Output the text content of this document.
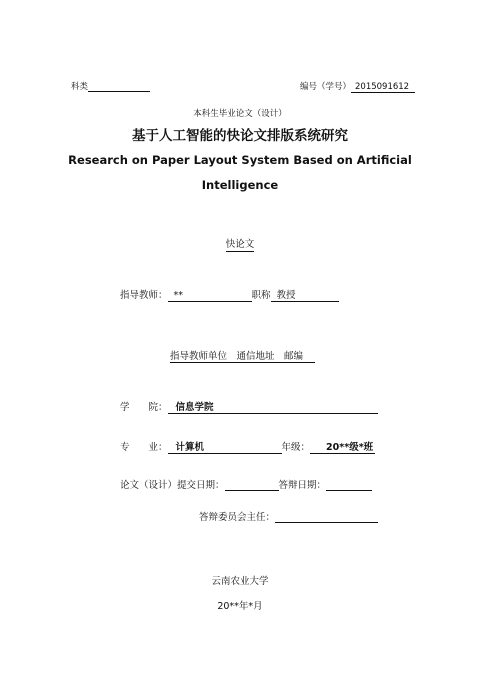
科类	编号（学号） 2015091612
本科生毕业论文（设计）
基于人工智能的快论文排版系统研究
Research on Paper Layout System Based on Artificial
Intelligence
快论文
指导教师： **	职称 教授
指导教师单位　通信地址　邮编
学　　院： 信息学院
专　　业： 计算机	年级： 20**级*班
论文（设计）提交日期：	答辩日期：
答辩委员会主任：
云南农业大学
20**年*月
